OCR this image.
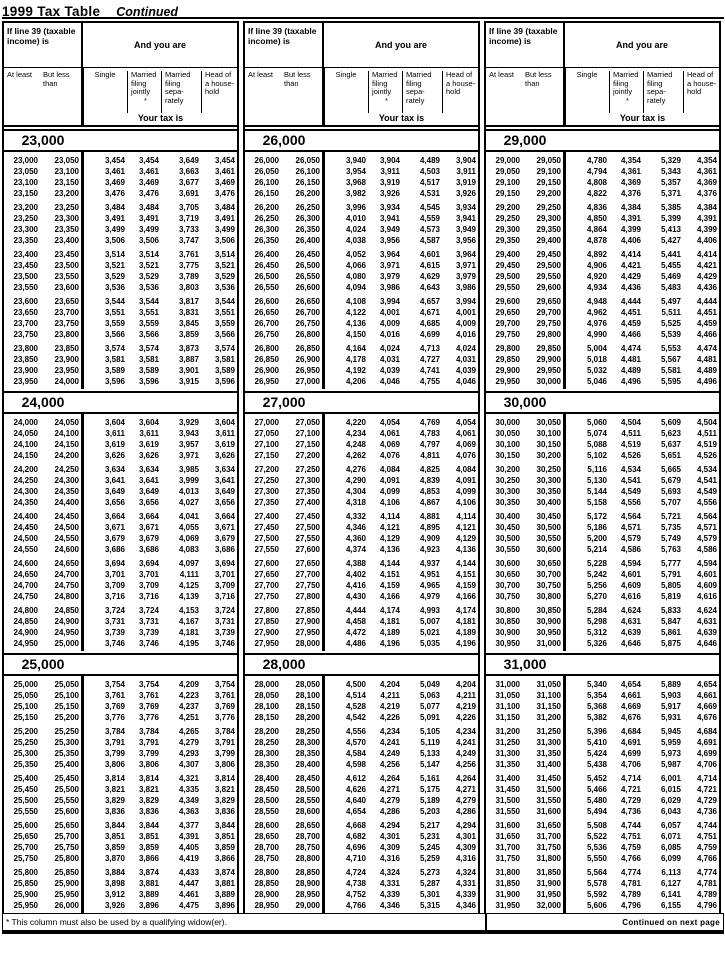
1999 Tax Table Continued
If line 39 (taxable income) is	And you are
At least	But less than
Single	Married filing jointly
*
Married filing sepa- rately
Head of a house- hold
Your tax is
23,000
23,000	23,050	3,454	3,454	3,649	3,454
23,050	23,100	3,461	3,461	3,663	3,461
23,100	23,150	3,469	3,469	3,677	3,469
23,150	23,200	3,476	3,476	3,691	3,476
23,200	23,250	3,484	3,484	3,705	3,484
23,250	23,300	3,491	3,491	3,719	3,491
23,300	23,350	3,499	3,499	3,733	3,499
23,350	23,400	3,506	3,506	3,747	3,506
23,400	23,450	3,514	3,514	3,761	3,514
23,450	23,500	3,521	3,521	3,775	3,521
23,500	23,550	3,529	3,529	3,789	3,529
23,550	23,600	3,536	3,536	3,803	3,536
23,600	23,650	3,544	3,544	3,817	3,544
23,650	23,700	3,551	3,551	3,831	3,551
23,700	23,750	3,559	3,559	3,845	3,559
23,750	23,800	3,566	3,566	3,859	3,566
23,800	23,850	3,574	3,574	3,873	3,574
23,850	23,900	3,581	3,581	3,887	3,581
23,900	23,950	3,589	3,589	3,901	3,589
23,950	24,000	3,596	3,596	3,915	3,596
24,000
24,000	24,050	3,604	3,604	3,929	3,604
24,050	24,100	3,611	3,611	3,943	3,611
24,100	24,150	3,619	3,619	3,957	3,619
24,150	24,200	3,626	3,626	3,971	3,626
24,200	24,250	3,634	3,634	3,985	3,634
24,250	24,300	3,641	3,641	3,999	3,641
24,300	24,350	3,649	3,649	4,013	3,649
24,350	24,400	3,656	3,656	4,027	3,656
24,400	24,450	3,664	3,664	4,041	3,664
24,450	24,500	3,671	3,671	4,055	3,671
24,500	24,550	3,679	3,679	4,069	3,679
24,550	24,600	3,686	3,686	4,083	3,686
24,600	24,650	3,694	3,694	4,097	3,694
24,650	24,700	3,701	3,701	4,111	3,701
24,700	24,750	3,709	3,709	4,125	3,709
24,750	24,800	3,716	3,716	4,139	3,716
24,800	24,850	3,724	3,724	4,153	3,724
24,850	24,900	3,731	3,731	4,167	3,731
24,900	24,950	3,739	3,739	4,181	3,739
24,950	25,000	3,746	3,746	4,195	3,746
25,000
25,000	25,050	3,754	3,754	4,209	3,754
25,050	25,100	3,761	3,761	4,223	3,761
25,100	25,150	3,769	3,769	4,237	3,769
25,150	25,200	3,776	3,776	4,251	3,776
25,200	25,250	3,784	3,784	4,265	3,784
25,250	25,300	3,791	3,791	4,279	3,791
25,300	25,350	3,799	3,799	4,293	3,799
25,350	25,400	3,806	3,806	4,307	3,806
25,400	25,450	3,814	3,814	4,321	3,814
25,450	25,500	3,821	3,821	4,335	3,821
25,500	25,550	3,829	3,829	4,349	3,829
25,550	25,600	3,836	3,836	4,363	3,836
25,600	25,650	3,844	3,844	4,377	3,844
25,650	25,700	3,851	3,851	4,391	3,851
25,700	25,750	3,859	3,859	4,405	3,859
25,750	25,800	3,870	3,866	4,419	3,866
25,800	25,850	3,884	3,874	4,433	3,874
25,850	25,900	3,898	3,881	4,447	3,881
25,900	25,950	3,912	3,889	4,461	3,889
25,950	26,000	3,926	3,896	4,475	3,896
If line 39 (taxable income) is	And you are
At least	But less than
Single	Married filing jointly
*
Married filing sepa- rately
Head of a house- hold
Your tax is
26,000
26,000	26,050	3,940	3,904	4,489	3,904
26,050	26,100	3,954	3,911	4,503	3,911
26,100	26,150	3,968	3,919	4,517	3,919
26,150	26,200	3,982	3,926	4,531	3,926
26,200	26,250	3,996	3,934	4,545	3,934
26,250	26,300	4,010	3,941	4,559	3,941
26,300	26,350	4,024	3,949	4,573	3,949
26,350	26,400	4,038	3,956	4,587	3,956
26,400	26,450	4,052	3,964	4,601	3,964
26,450	26,500	4,066	3,971	4,615	3,971
26,500	26,550	4,080	3,979	4,629	3,979
26,550	26,600	4,094	3,986	4,643	3,986
26,600	26,650	4,108	3,994	4,657	3,994
26,650	26,700	4,122	4,001	4,671	4,001
26,700	26,750	4,136	4,009	4,685	4,009
26,750	26,800	4,150	4,016	4,699	4,016
26,800	26,850	4,164	4,024	4,713	4,024
26,850	26,900	4,178	4,031	4,727	4,031
26,900	26,950	4,192	4,039	4,741	4,039
26,950	27,000	4,206	4,046	4,755	4,046
27,000
27,000	27,050	4,220	4,054	4,769	4,054
27,050	27,100	4,234	4,061	4,783	4,061
27,100	27,150	4,248	4,069	4,797	4,069
27,150	27,200	4,262	4,076	4,811	4,076
27,200	27,250	4,276	4,084	4,825	4,084
27,250	27,300	4,290	4,091	4,839	4,091
27,300	27,350	4,304	4,099	4,853	4,099
27,350	27,400	4,318	4,106	4,867	4,106
27,400	27,450	4,332	4,114	4,881	4,114
27,450	27,500	4,346	4,121	4,895	4,121
27,500	27,550	4,360	4,129	4,909	4,129
27,550	27,600	4,374	4,136	4,923	4,136
27,600	27,650	4,388	4,144	4,937	4,144
27,650	27,700	4,402	4,151	4,951	4,151
27,700	27,750	4,416	4,159	4,965	4,159
27,750	27,800	4,430	4,166	4,979	4,166
27,800	27,850	4,444	4,174	4,993	4,174
27,850	27,900	4,458	4,181	5,007	4,181
27,900	27,950	4,472	4,189	5,021	4,189
27,950	28,000	4,486	4,196	5,035	4,196
28,000
28,000	28,050	4,500	4,204	5,049	4,204
28,050	28,100	4,514	4,211	5,063	4,211
28,100	28,150	4,528	4,219	5,077	4,219
28,150	28,200	4,542	4,226	5,091	4,226
28,200	28,250	4,556	4,234	5,105	4,234
28,250	28,300	4,570	4,241	5,119	4,241
28,300	28,350	4,584	4,249	5,133	4,249
28,350	28,400	4,598	4,256	5,147	4,256
28,400	28,450	4,612	4,264	5,161	4,264
28,450	28,500	4,626	4,271	5,175	4,271
28,500	28,550	4,640	4,279	5,189	4,279
28,550	28,600	4,654	4,286	5,203	4,286
28,600	28,650	4,668	4,294	5,217	4,294
28,650	28,700	4,682	4,301	5,231	4,301
28,700	28,750	4,696	4,309	5,245	4,309
28,750	28,800	4,710	4,316	5,259	4,316
28,800	28,850	4,724	4,324	5,273	4,324
28,850	28,900	4,738	4,331	5,287	4,331
28,900	28,950	4,752	4,339	5,301	4,339
28,950	29,000	4,766	4,346	5,315	4,346
If line 39 (taxable income) is	And you are
At least	But less than
Single	Married filing jointly
*
Married filing sepa- rately
Head of a house- hold
Your tax is
29,000
29,000	29,050	4,780	4,354	5,329	4,354
29,050	29,100	4,794	4,361	5,343	4,361
29,100	29,150	4,808	4,369	5,357	4,369
29,150	29,200	4,822	4,376	5,371	4,376
29,200	29,250	4,836	4,384	5,385	4,384
29,250	29,300	4,850	4,391	5,399	4,391
29,300	29,350	4,864	4,399	5,413	4,399
29,350	29,400	4,878	4,406	5,427	4,406
29,400	29,450	4,892	4,414	5,441	4,414
29,450	29,500	4,906	4,421	5,455	4,421
29,500	29,550	4,920	4,429	5,469	4,429
29,550	29,600	4,934	4,436	5,483	4,436
29,600	29,650	4,948	4,444	5,497	4,444
29,650	29,700	4,962	4,451	5,511	4,451
29,700	29,750	4,976	4,459	5,525	4,459
29,750	29,800	4,990	4,466	5,539	4,466
29,800	29,850	5,004	4,474	5,553	4,474
29,850	29,900	5,018	4,481	5,567	4,481
29,900	29,950	5,032	4,489	5,581	4,489
29,950	30,000	5,046	4,496	5,595	4,496
30,000
30,000	30,050	5,060	4,504	5,609	4,504
30,050	30,100	5,074	4,511	5,623	4,511
30,100	30,150	5,088	4,519	5,637	4,519
30,150	30,200	5,102	4,526	5,651	4,526
30,200	30,250	5,116	4,534	5,665	4,534
30,250	30,300	5,130	4,541	5,679	4,541
30,300	30,350	5,144	4,549	5,693	4,549
30,350	30,400	5,158	4,556	5,707	4,556
30,400	30,450	5,172	4,564	5,721	4,564
30,450	30,500	5,186	4,571	5,735	4,571
30,500	30,550	5,200	4,579	5,749	4,579
30,550	30,600	5,214	4,586	5,763	4,586
30,600	30,650	5,228	4,594	5,777	4,594
30,650	30,700	5,242	4,601	5,791	4,601
30,700	30,750	5,256	4,609	5,805	4,609
30,750	30,800	5,270	4,616	5,819	4,616
30,800	30,850	5,284	4,624	5,833	4,624
30,850	30,900	5,298	4,631	5,847	4,631
30,900	30,950	5,312	4,639	5,861	4,639
30,950	31,000	5,326	4,646	5,875	4,646
31,000
31,000	31,050	5,340	4,654	5,889	4,654
31,050	31,100	5,354	4,661	5,903	4,661
31,100	31,150	5,368	4,669	5,917	4,669
31,150	31,200	5,382	4,676	5,931	4,676
31,200	31,250	5,396	4,684	5,945	4,684
31,250	31,300	5,410	4,691	5,959	4,691
31,300	31,350	5,424	4,699	5,973	4,699
31,350	31,400	5,438	4,706	5,987	4,706
31,400	31,450	5,452	4,714	6,001	4,714
31,450	31,500	5,466	4,721	6,015	4,721
31,500	31,550	5,480	4,729	6,029	4,729
31,550	31,600	5,494	4,736	6,043	4,736
31,600	31,650	5,508	4,744	6,057	4,744
31,650	31,700	5,522	4,751	6,071	4,751
31,700	31,750	5,536	4,759	6,085	4,759
31,750	31,800	5,550	4,766	6,099	4,766
31,800	31,850	5,564	4,774	6,113	4,774
31,850	31,900	5,578	4,781	6,127	4,781
31,900	31,950	5,592	4,789	6,141	4,789
31,950	32,000	5,606	4,796	6,155	4,796
* This column must also be used by a qualifying widow(er).	Continued on next page
